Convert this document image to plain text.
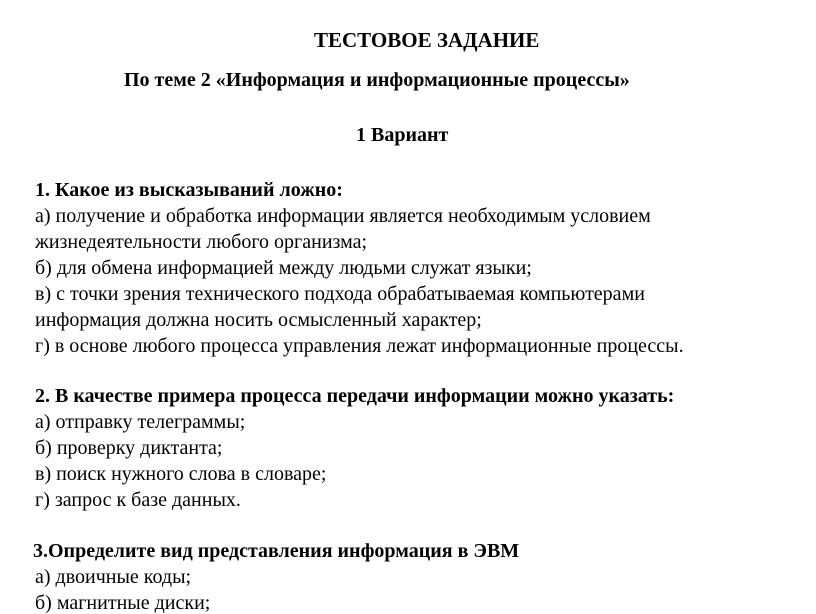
ТЕСТОВОЕ ЗАДАНИЕ
По теме 2 «Информация и информационные процессы»
1 Вариант
1. Какое из высказываний ложно:
а) получение и обработка информации является необходимым условием
жизнедеятельности любого организма;
б) для обмена информацией между людьми служат языки;
в) с точки зрения технического подхода обрабатываемая компьютерами
информация должна носить осмысленный характер;
г) в основе любого процесса управления лежат информационные процессы.
2. В качестве примера процесса передачи информации можно указать:
а) отправку телеграммы;
б) проверку диктанта;
в) поиск нужного слова в словаре;
г) запрос к базе данных.
3.Определите вид представления информация в ЭВМ
а) двоичные коды;
б) магнитные диски;
